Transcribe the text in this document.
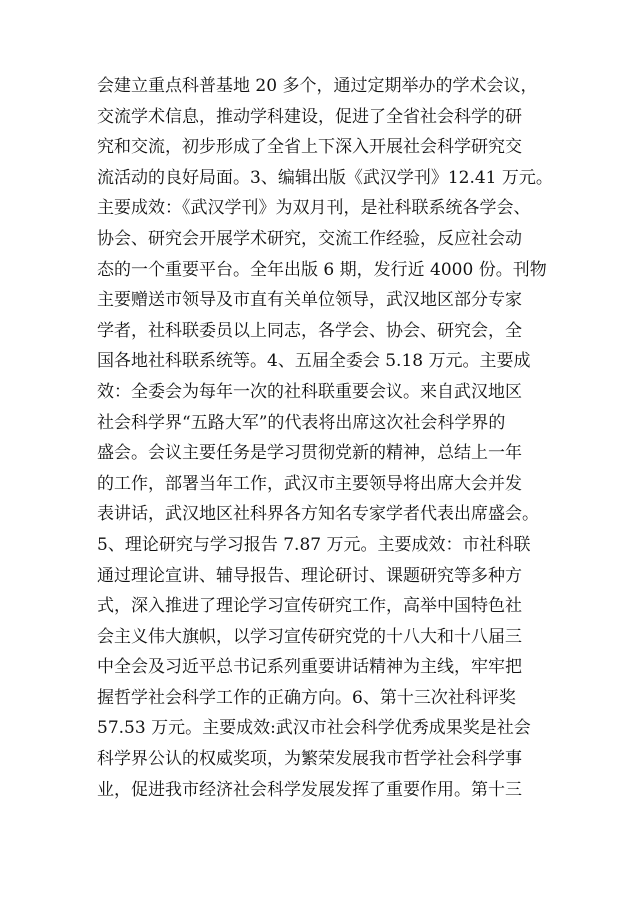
会建立重点科普基地 20 多个，通过定期举办的学术会议，
交流学术信息，推动学科建设，促进了全省社会科学的研
究和交流，初步形成了全省上下深入开展社会科学研究交
流活动的良好局面。3、编辑出版《武汉学刊》12.41 万元。
主要成效：《武汉学刊》为双月刊，是社科联系统各学会、
协会、研究会开展学术研究，交流工作经验，反应社会动
态的一个重要平台。全年出版 6 期，发行近 4000 份。刊物
主要赠送市领导及市直有关单位领导，武汉地区部分专家
学者，社科联委员以上同志，各学会、协会、研究会，全
国各地社科联系统等。4、五届全委会 5.18 万元。主要成
效：全委会为每年一次的社科联重要会议。来自武汉地区
社会科学界“五路大军”的代表将出席这次社会科学界的
盛会。会议主要任务是学习贯彻党新的精神，总结上一年
的工作，部署当年工作，武汉市主要领导将出席大会并发
表讲话，武汉地区社科界各方知名专家学者代表出席盛会。
5、理论研究与学习报告 7.87 万元。主要成效：市社科联
通过理论宣讲、辅导报告、理论研讨、课题研究等多种方
式，深入推进了理论学习宣传研究工作，高举中国特色社
会主义伟大旗帜，以学习宣传研究党的十八大和十八届三
中全会及习近平总书记系列重要讲话精神为主线，牢牢把
握哲学社会科学工作的正确方向。6、第十三次社科评奖
57.53 万元。主要成效:武汉市社会科学优秀成果奖是社会
科学界公认的权威奖项，为繁荣发展我市哲学社会科学事
业，促进我市经济社会科学发展发挥了重要作用。第十三
